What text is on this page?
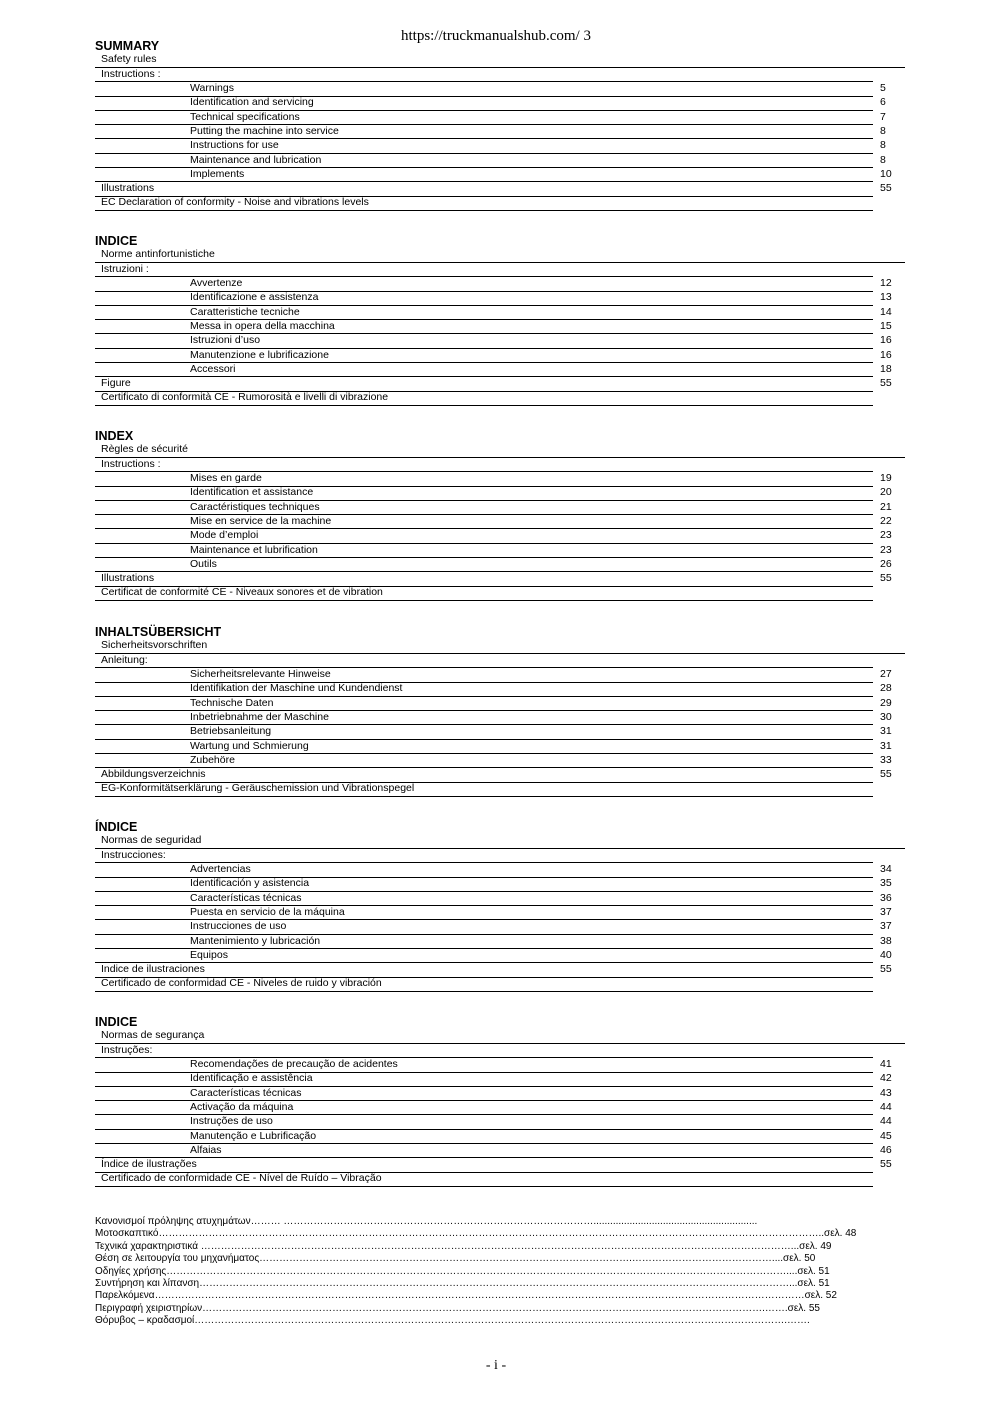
https://truckmanualshub.com/ 3
SUMMARY
Safety rules
Instructions :
Warnings	5
Identification and servicing	6
Technical specifications	7
Putting the machine into service	8
Instructions for use	8
Maintenance and lubrication	8
Implements	10
Illustrations	55
EC Declaration of conformity - Noise and vibrations levels
INDICE
Norme antinfortunistiche
Istruzioni :
Avvertenze	12
Identificazione e assistenza	13
Caratteristiche tecniche	14
Messa in opera della macchina	15
Istruzioni d’uso	16
Manutenzione e lubrificazione	16
Accessori	18
Figure	55
Certificato di conformità CE - Rumorosità e livelli di vibrazione
INDEX
Règles de sécurité
Instructions :
Mises en garde	19
Identification et assistance	20
Caractéristiques techniques	21
Mise en service de la machine	22
Mode d’emploi	23
Maintenance et lubrification	23
Outils	26
Illustrations	55
Certificat de conformité CE - Niveaux sonores et de vibration
INHALTSÜBERSICHT
Sicherheitsvorschriften
Anleitung:
Sicherheitsrelevante Hinweise	27
Identifikation der Maschine und Kundendienst	28
Technische Daten	29
Inbetriebnahme der Maschine	30
Betriebsanleitung	31
Wartung und Schmierung	31
Zubehöre	33
Abbildungsverzeichnis	55
EG-Konformitätserklärung - Geräuschemission und Vibrationspegel
ÍNDICE
Normas de seguridad
Instrucciones:
Advertencias	34
Identificación y asistencia	35
Características técnicas	36
Puesta en servicio de la máquina	37
Instrucciones de uso	37
Mantenimiento y lubricación	38
Equipos	40
Indice de ilustraciones	55
Certificado de conformidad CE - Niveles de ruido y vibración
INDICE
Normas de segurança
Instruções:
Recomendações de precaução de acidentes	41
Identificação e assistência	42
Características técnicas	43
Activação da máquina	44
Instruções de uso	44
Manutenção e Lubrificação	45
Alfaias	46
Índice de ilustrações	55
Certificado de conformidade CE - Nível de Ruído – Vibração
Κανονισμοί πρόληψης ατυχημάτων……… …………………………………………………………………………………...........................................................
Μοτοσκαπτικό………………………………………………………………………………………………………………………………………………………………………………..σελ. 48
Τεχνικά χαρακτηριστικά ……………………………………………………………………………………………………………………………………………………………...σελ. 49
Θέση σε λειτουργία του μηχανήματος………………………………………………………………………………………………….……………………………………....σελ. 50
Οδηγίες χρήσης……………………………………………………………………………………………………………………………………………………………………....σελ. 51
Συντήρηση και λίπανση……………………………………………………………………………………………………………………………………………………………...σελ. 51
Παρελκόμενα……………………………………………………………………………………………………………………………………………………………………………σελ. 52
Περιγραφή χειριστηρίων…………………………………………………………………………………………………………………………………………………….…….σελ. 55
Θόρυβος – κραδασμοί…………………………………………………………………………………………………………………………………………………………….…….
- i -
